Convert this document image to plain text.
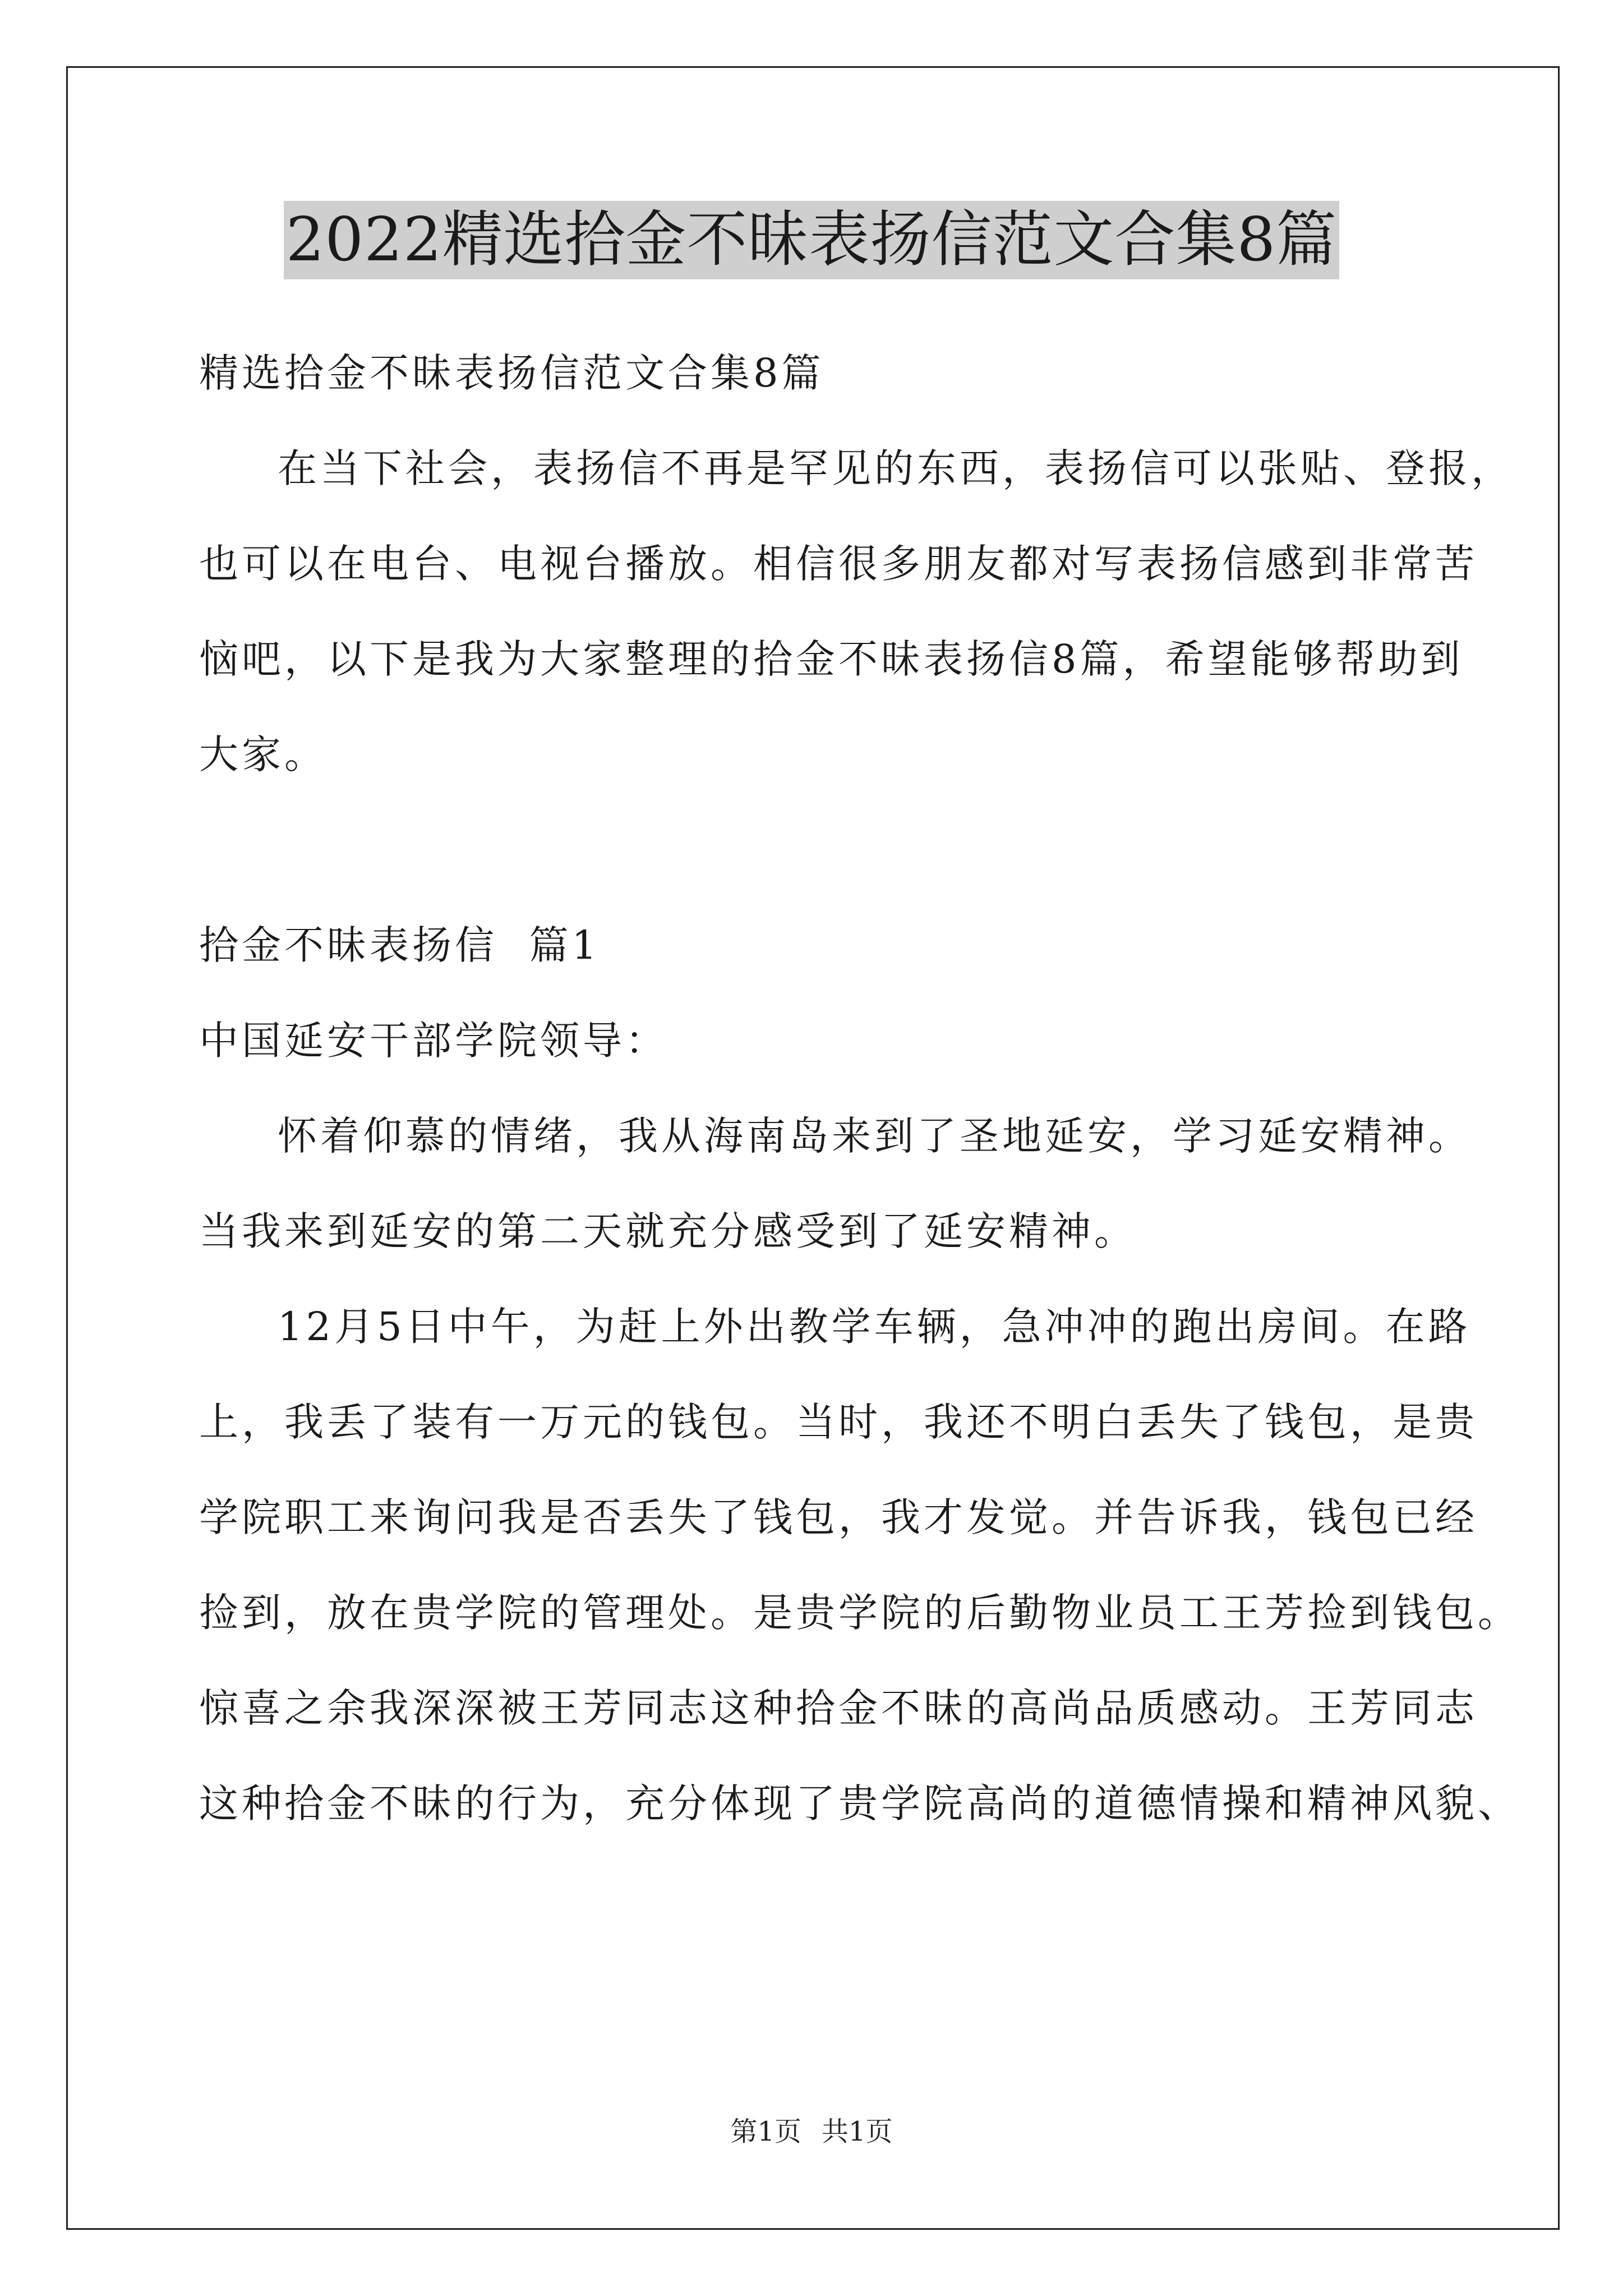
2022精选拾金不昧表扬信范文合集8篇
精选拾金不昧表扬信范文合集8篇
在当下社会，表扬信不再是罕见的东西，表扬信可以张贴、登报，
也可以在电台、电视台播放。相信很多朋友都对写表扬信感到非常苦
恼吧，以下是我为大家整理的拾金不昧表扬信8篇，希望能够帮助到
大家。
拾金不昧表扬信  篇1
中国延安干部学院领导：
怀着仰慕的情绪，我从海南岛来到了圣地延安，学习延安精神。
当我来到延安的第二天就充分感受到了延安精神。
12月5日中午，为赶上外出教学车辆，急冲冲的跑出房间。在路
上，我丢了装有一万元的钱包。当时，我还不明白丢失了钱包，是贵
学院职工来询问我是否丢失了钱包，我才发觉。并告诉我，钱包已经
捡到，放在贵学院的管理处。是贵学院的后勤物业员工王芳捡到钱包。
惊喜之余我深深被王芳同志这种拾金不昧的高尚品质感动。王芳同志
这种拾金不昧的行为，充分体现了贵学院高尚的道德情操和精神风貌、
第1页 共1页
